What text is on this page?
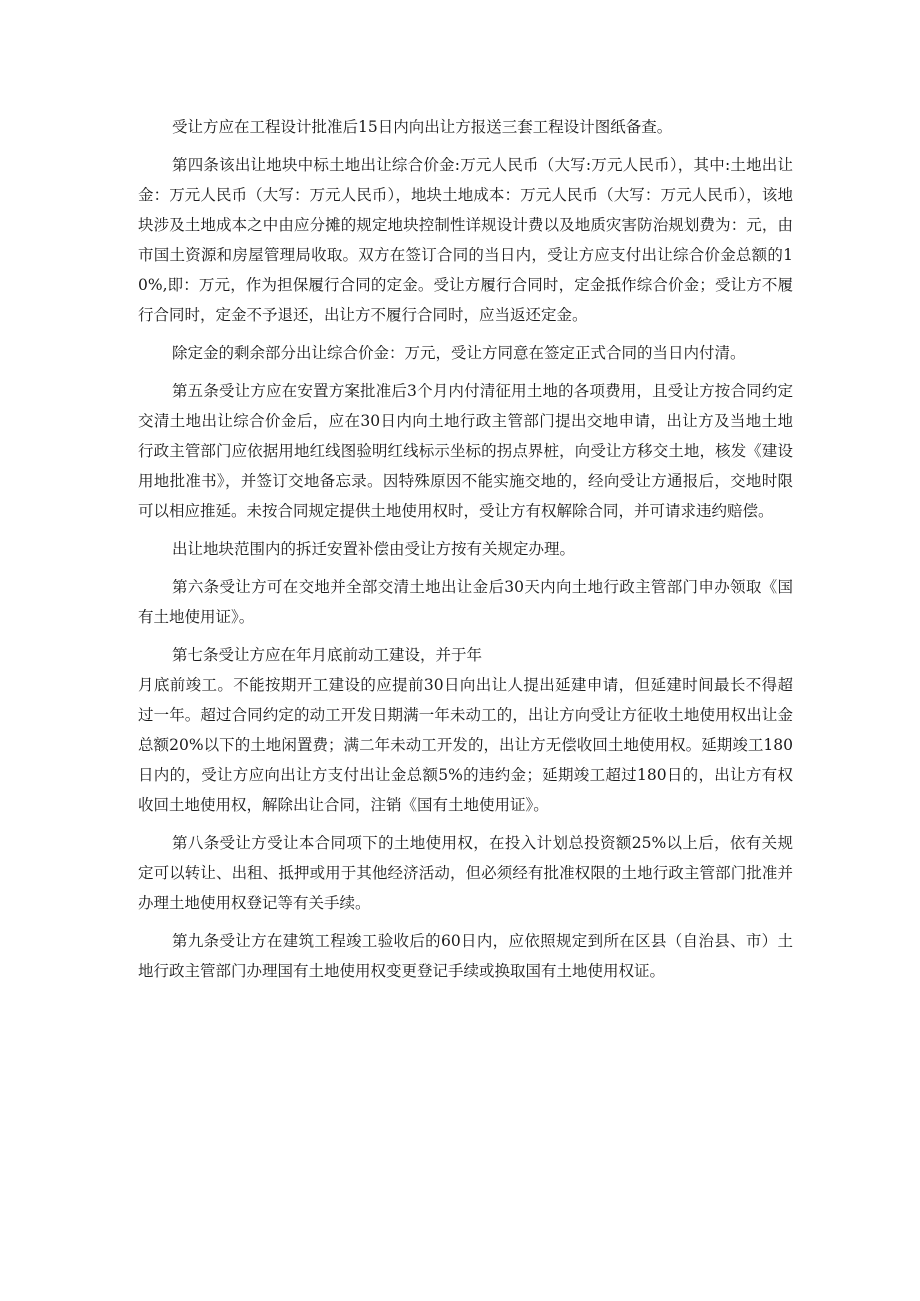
受让方应在工程设计批准后15日内向出让方报送三套工程设计图纸备查。

第四条该出让地块中标土地出让综合价金:万元人民币（大写:万元人民币），其中:土地出让金：万元人民币（大写：万元人民币），地块土地成本：万元人民币（大写：万元人民币），该地块涉及土地成本之中由应分摊的规定地块控制性详规设计费以及地质灾害防治规划费为：元，由市国土资源和房屋管理局收取。双方在签订合同的当日内，受让方应支付出让综合价金总额的10%,即：万元，作为担保履行合同的定金。受让方履行合同时，定金抵作综合价金；受让方不履行合同时，定金不予退还，出让方不履行合同时，应当返还定金。

除定金的剩余部分出让综合价金：万元，受让方同意在签定正式合同的当日内付清。

第五条受让方应在安置方案批准后3个月内付清征用土地的各项费用，且受让方按合同约定交清土地出让综合价金后，应在30日内向土地行政主管部门提出交地申请，出让方及当地土地行政主管部门应依据用地红线图验明红线标示坐标的拐点界桩，向受让方移交土地，核发《建设用地批准书》，并签订交地备忘录。因特殊原因不能实施交地的，经向受让方通报后，交地时限可以相应推延。未按合同规定提供土地使用权时，受让方有权解除合同，并可请求违约赔偿。

出让地块范围内的拆迁安置补偿由受让方按有关规定办理。

第六条受让方可在交地并全部交清土地出让金后30天内向土地行政主管部门申办领取《国有土地使用证》。

第七条受让方应在年月底前动工建设，并于年

月底前竣工。不能按期开工建设的应提前30日向出让人提出延建申请，但延建时间最长不得超过一年。超过合同约定的动工开发日期满一年未动工的，出让方向受让方征收土地使用权出让金总额20%以下的土地闲置费；满二年未动工开发的，出让方无偿收回土地使用权。延期竣工180日内的，受让方应向出让方支付出让金总额5%的违约金；延期竣工超过180日的，出让方有权收回土地使用权，解除出让合同，注销《国有土地使用证》。

第八条受让方受让本合同项下的土地使用权，在投入计划总投资额25%以上后，依有关规定可以转让、出租、抵押或用于其他经济活动，但必须经有批准权限的土地行政主管部门批准并办理土地使用权登记等有关手续。

第九条受让方在建筑工程竣工验收后的60日内，应依照规定到所在区县（自治县、市）土地行政主管部门办理国有土地使用权变更登记手续或换取国有土地使用权证。
